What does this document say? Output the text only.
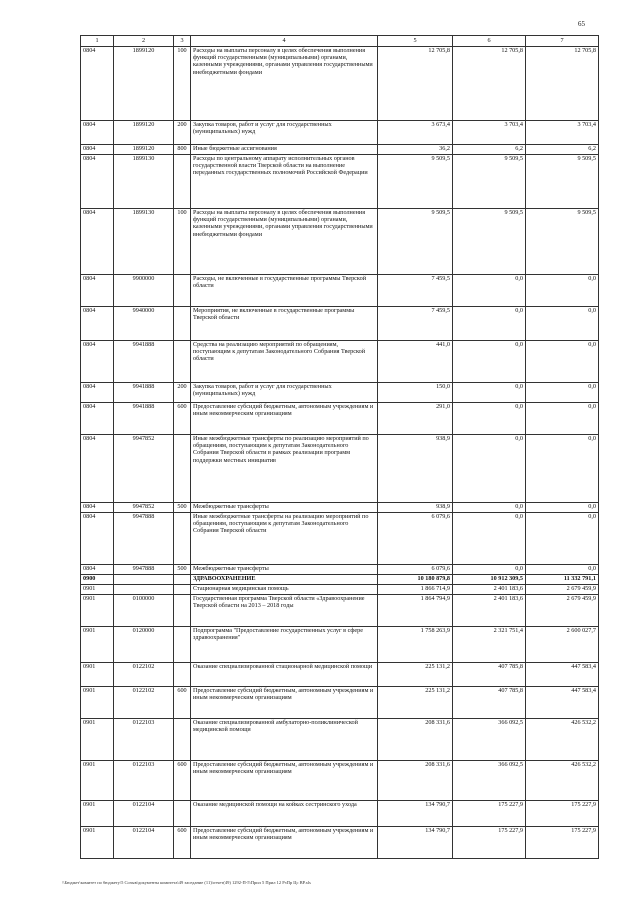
65
1	2	3	4	5	6	7
0804	1899120	100	Расходы на выплаты персоналу в целях обеспечения выполнения функций государственными (муниципальными) органами, казенными учреждениями, органами управления государственными внебюджетными фондами	12 705,8	12 705,8	12 705,8
0804	1899120	200	Закупка товаров, работ и услуг для государственных (муниципальных) нужд	3 673,4	3 703,4	3 703,4
0804	1899120	800	Иные бюджетные ассигнования	36,2	6,2	6,2
0804	1899130		Расходы по центральному аппарату исполнительных органов государственной власти Тверской области на выполнение переданных государственных полномочий Российской Федерации	9 509,5	9 509,5	9 509,5
0804	1899130	100	Расходы на выплаты персоналу в целях обеспечения выполнения функций государственными (муниципальными) органами, казенными учреждениями, органами управления государственными внебюджетными фондами	9 509,5	9 509,5	9 509,5
0804	9900000		Расходы, не включенные в государственные программы Тверской области	7 459,5	0,0	0,0
0804	9940000		Мероприятия, не включенные в государственные программы Тверской области	7 459,5	0,0	0,0
0804	9941888		Средства на реализацию мероприятий по обращениям, поступающим к депутатам Законодательного Собрания Тверской области	441,0	0,0	0,0
0804	9941888	200	Закупка товаров, работ и услуг для государственных (муниципальных) нужд	150,0	0,0	0,0
0804	9941888	600	Предоставление субсидий бюджетным, автономным учреждениям и иным некоммерческим организациям	291,0	0,0	0,0
0804	9947852		Иные межбюджетные трансферты по реализацию мероприятий по обращениям, поступающим к депутатам Законодательного Собрания Тверской области в рамках реализации программ поддержки местных инициатив	938,9	0,0	0,0
0804	9947852	500	Межбюджетные трансферты	938,9	0,0	0,0
0804	9947888		Иные межбюджетные трансферты на реализацию мероприятий по обращениям, поступающим к депутатам Законодательного Собрания Тверской области	6 079,6	0,0	0,0
0804	9947888	500	Межбюджетные трансферты	6 079,6	0,0	0,0
0900			ЗДРАВООХРАНЕНИЕ	10 180 879,8	10 912 309,5	11 332 791,1
0901			Стационарная медицинская помощь	1 866 714,9	2 401 183,6	2 679 459,9
0901	0100000		Государственная программа Тверской области «Здравоохранение Тверской области на 2013 – 2018 годы	1 864 794,9	2 401 183,6	2 679 459,9
0901	0120000		Подпрограмма "Предоставление государственных услуг в сфере здравоохранения"	1 758 263,9	2 321 751,4	2 600 027,7
0901	0122102		Оказание специализированной стационарной медицинской помощи	225 131,2	407 785,8	447 583,4
0901	0122102	600	Предоставление субсидий бюджетным, автономным учреждениям и иным некоммерческим организациям	225 131,2	407 785,8	447 583,4
0901	0122103		Оказание специализированной амбулаторно-поликлинической медицинской помощи	208 331,6	366 092,5	426 532,2
0901	0122103	600	Предоставление субсидий бюджетным, автономным учреждениям и иным некоммерческим организациям	208 331,6	366 092,5	426 532,2
0901	0122104		Оказание медицинской помощи на койках сестринского ухода	134 790,7	175 227,9	175 227,9
0901	0122104	600	Предоставление субсидий бюджетным, автономным учреждениям и иным некоммерческим организациям	134 790,7	175 227,9	175 227,9
\\Бюджет\комитет по бюджету\5 Созыв\документы комитета\49 заседание (11)\отчет(49) 1292-П-5\Прил 5 Прил 12 РзПр Цс ВР.xls
